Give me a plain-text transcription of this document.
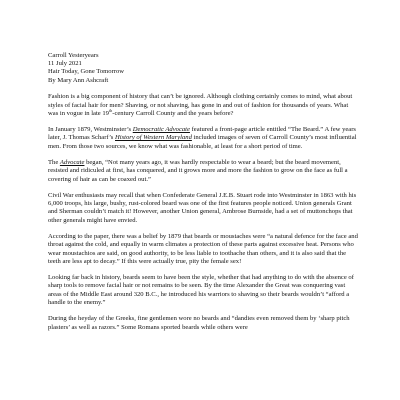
Carroll Yesteryears
11 July 2021
Hair Today, Gone Tomorrow
By Mary Ann Ashcraft

Fashion is a big component of history that can’t be ignored. Although clothing certainly comes to mind, what about styles of facial hair for men? Shaving, or not shaving, has gone in and out of fashion for thousands of years. What was in vogue in late 19th-century Carroll County and the years before?

In January 1879, Westminster’s Democratic Advocate featured a front-page article entitled “The Beard.” A few years later, J. Thomas Scharf’s History of Western Maryland included images of seven of Carroll County’s most influential men. From those two sources, we know what was fashionable, at least for a short period of time.

The Advocate began, “Not many years ago, it was hardly respectable to wear a beard; but the beard movement, resisted and ridiculed at first, has conquered, and it grows more and more the fashion to grow on the face as full a covering of hair as can be coaxed out.”

Civil War enthusiasts may recall that when Confederate General J.E.B. Stuart rode into Westminster in 1863 with his 6,000 troops, his large, bushy, rust-colored beard was one of the first features people noticed. Union generals Grant and Sherman couldn’t match it! However, another Union general, Ambrose Burnside, had a set of muttonchops that other generals might have envied.

According to the paper, there was a belief by 1879 that beards or moustaches were “a natural defence for the face and throat against the cold, and equally in warm climates a protection of these parts against excessive heat. Persons who wear moustachios are said, on good authority, to be less liable to toothache than others, and it is also said that the teeth are less apt to decay.” If this were actually true, pity the female sex!

Looking far back in history, beards seem to have been the style, whether that had anything to do with the absence of sharp tools to remove facial hair or not remains to be seen. By the time Alexander the Great was conquering vast areas of the Middle East around 320 B.C., he introduced his warriors to shaving so their beards wouldn’t “afford a handle to the enemy.”

During the heyday of the Greeks, fine gentlemen wore no beards and “dandies even removed them by ‘sharp pitch plasters’ as well as razors.” Some Romans sported beards while others were
